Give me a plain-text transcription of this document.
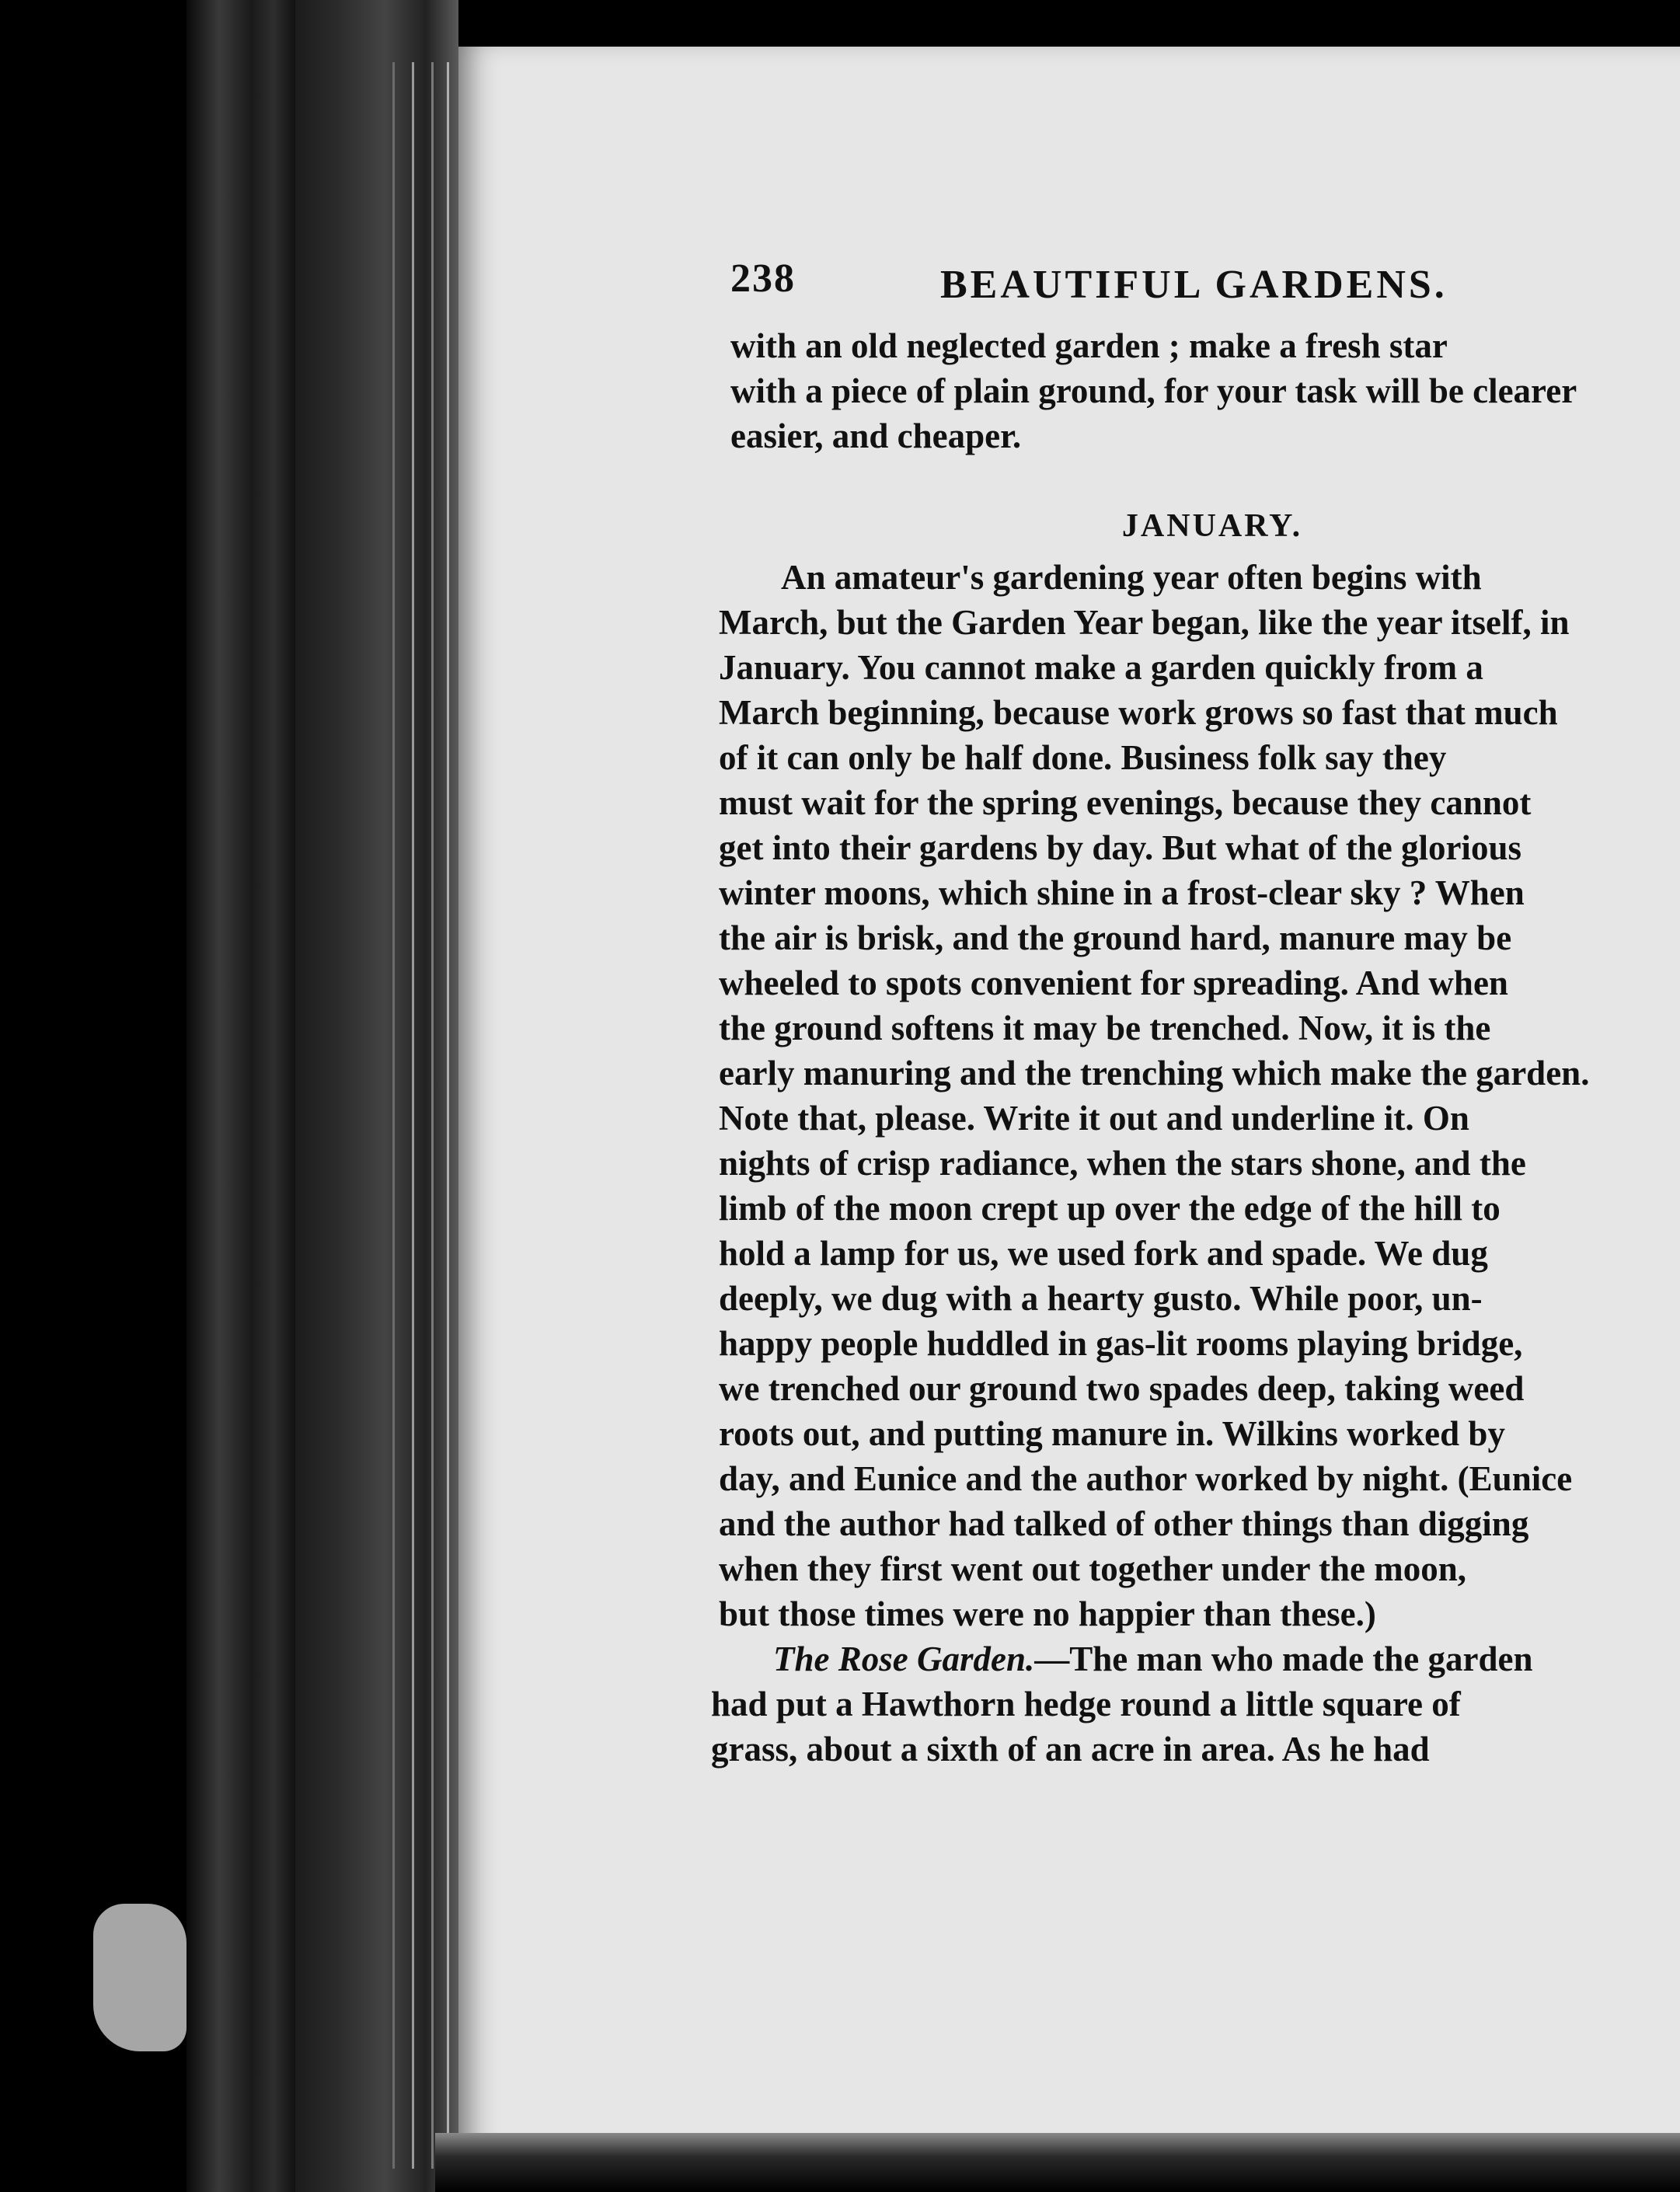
238	BEAUTIFUL GARDENS.
with an old neglected garden ; make a fresh star
with a piece of plain ground, for your task will be clearer
easier, and cheaper.
JANUARY.
An amateur's gardening year often begins with
March, but the Garden Year began, like the year itself, in
January. You cannot make a garden quickly from a
March beginning, because work grows so fast that much
of it can only be half done. Business folk say they
must wait for the spring evenings, because they cannot
get into their gardens by day. But what of the glorious
winter moons, which shine in a frost-clear sky ? When
the air is brisk, and the ground hard, manure may be
wheeled to spots convenient for spreading. And when
the ground softens it may be trenched. Now, it is the
early manuring and the trenching which make the garden.
Note that, please. Write it out and underline it. On
nights of crisp radiance, when the stars shone, and the
limb of the moon crept up over the edge of the hill to
hold a lamp for us, we used fork and spade. We dug
deeply, we dug with a hearty gusto. While poor, un-
happy people huddled in gas-lit rooms playing bridge,
we trenched our ground two spades deep, taking weed
roots out, and putting manure in. Wilkins worked by
day, and Eunice and the author worked by night. (Eunice
and the author had talked of other things than digging
when they first went out together under the moon,
but those times were no happier than these.)
The Rose Garden.—The man who made the garden
had put a Hawthorn hedge round a little square of
grass, about a sixth of an acre in area. As he had
